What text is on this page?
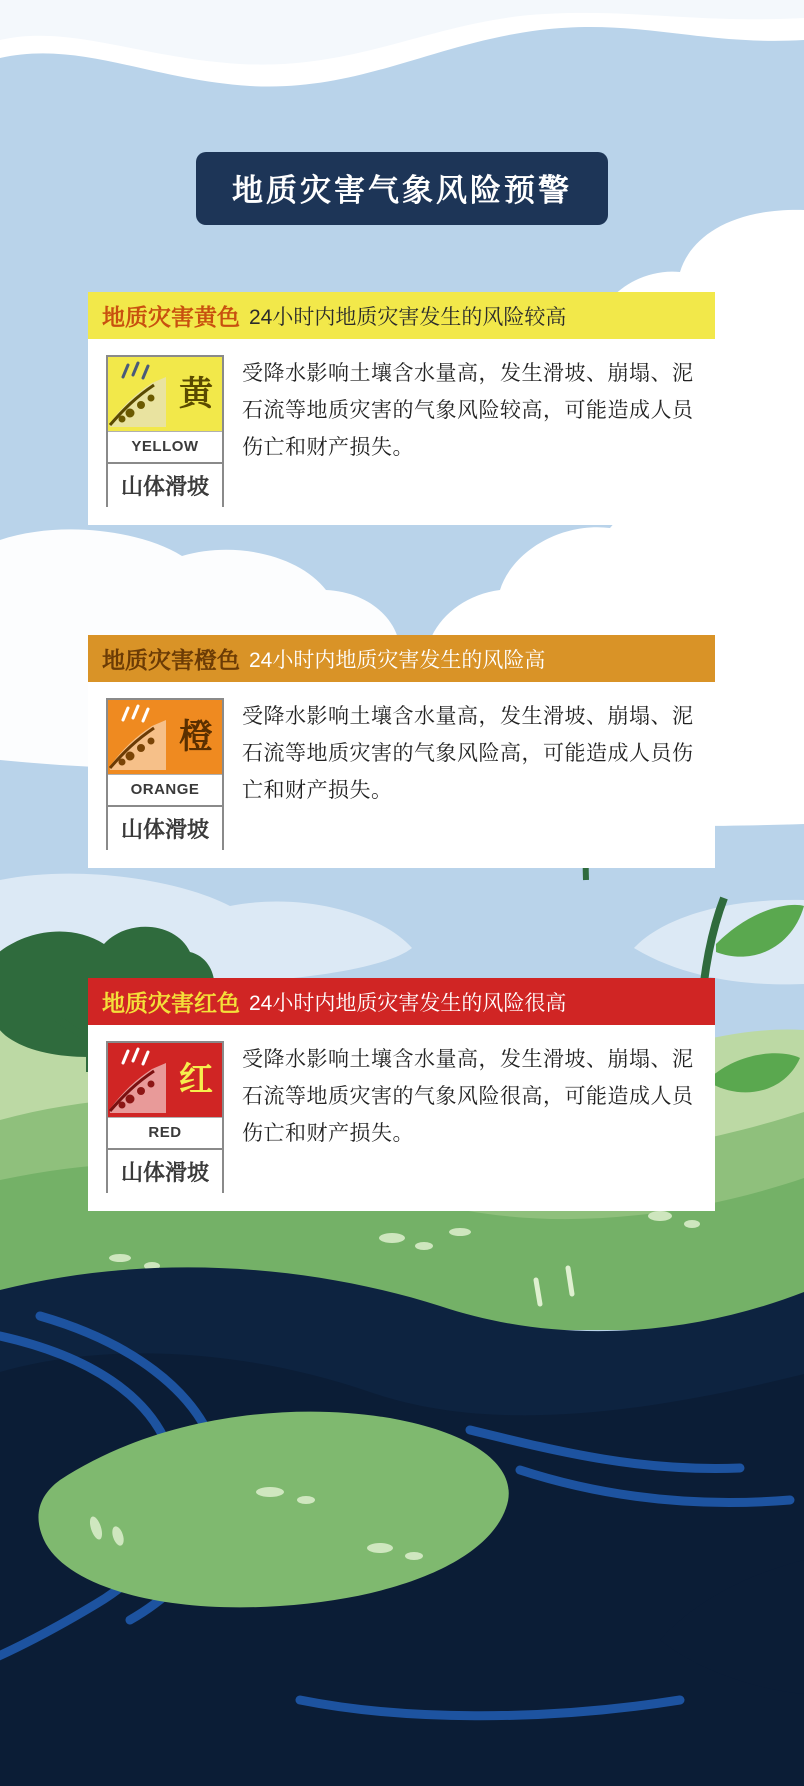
地质灾害气象风险预警
地质灾害黄色 24小时内地质灾害发生的风险较高
黄
YELLOW
山体滑坡
受降水影响土壤含水量高，发生滑坡、崩塌、泥石流等地质灾害的气象风险较高，可能造成人员伤亡和财产损失。
地质灾害橙色 24小时内地质灾害发生的风险高
橙
ORANGE
山体滑坡
受降水影响土壤含水量高，发生滑坡、崩塌、泥石流等地质灾害的气象风险高，可能造成人员伤亡和财产损失。
地质灾害红色 24小时内地质灾害发生的风险很高
红
RED
山体滑坡
受降水影响土壤含水量高，发生滑坡、崩塌、泥石流等地质灾害的气象风险很高，可能造成人员伤亡和财产损失。
